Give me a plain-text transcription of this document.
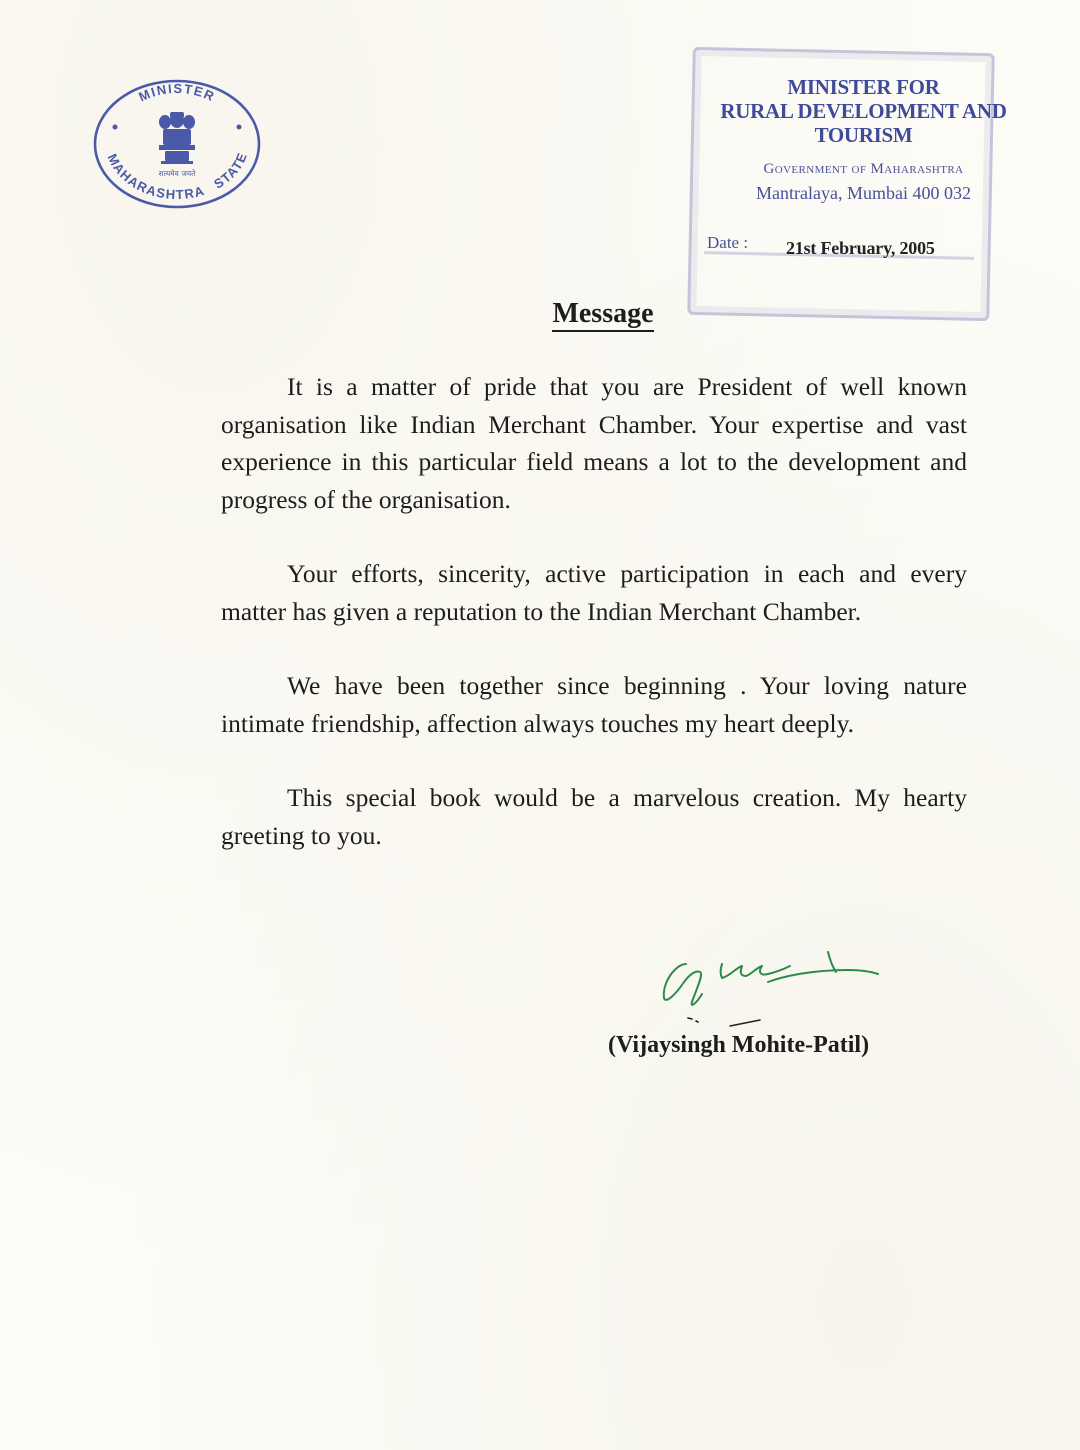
MINISTER
MAHARASHTRA STATE
सत्यमेव जयते
MINISTER FOR
RURAL DEVELOPMENT AND
TOURISM
Government of Maharashtra
Mantralaya, Mumbai 400 032
Date : 21st February, 2005
Message

It is a matter of pride that you are President of well known organisation like Indian Merchant Chamber. Your expertise and vast experience in this particular field means a lot to the development and progress of the organisation.

Your efforts, sincerity, active participation in each and every matter has given a reputation to the Indian Merchant Chamber.

We have been together since beginning . Your loving nature intimate friendship, affection always touches my heart deeply.

This special book would be a marvelous creation. My hearty greeting to you.

(Vijaysingh Mohite-Patil)
